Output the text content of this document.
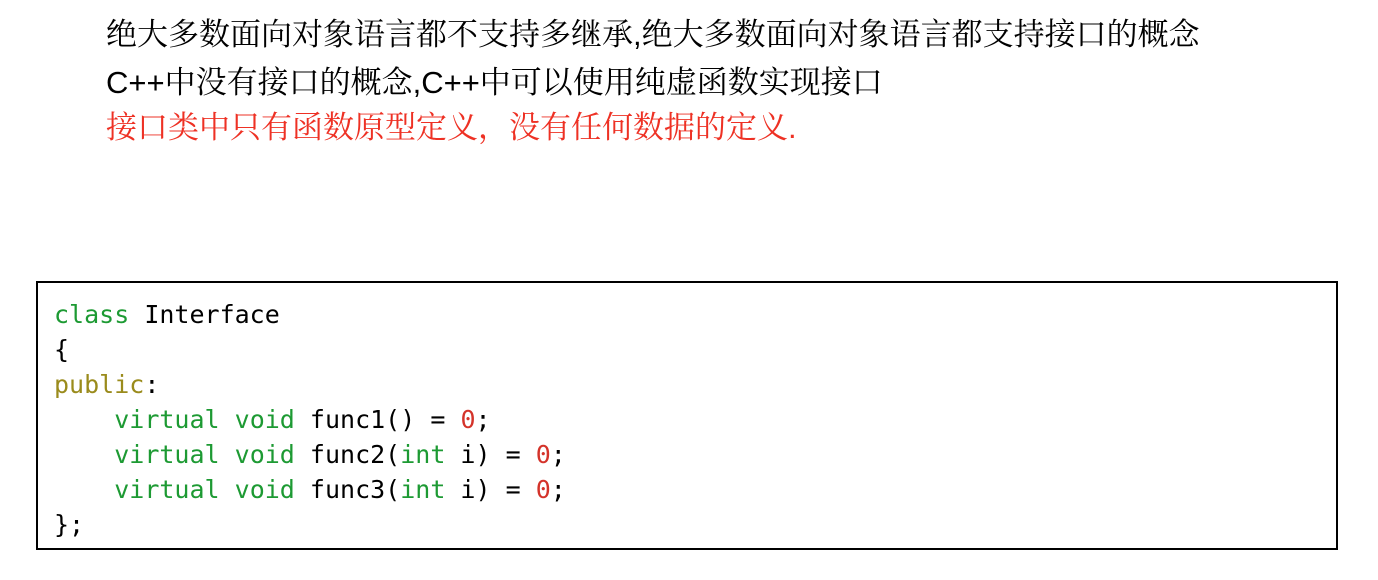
绝大多数面向对象语言都不支持多继承,绝大多数面向对象语言都支持接口的概念

C++中没有接口的概念,C++中可以使用纯虚函数实现接口

接口类中只有函数原型定义，没有任何数据的定义.

class Interface

{

public:

virtual void func1() = 0;

virtual void func2(int i) = 0;

virtual void func3(int i) = 0;

};
